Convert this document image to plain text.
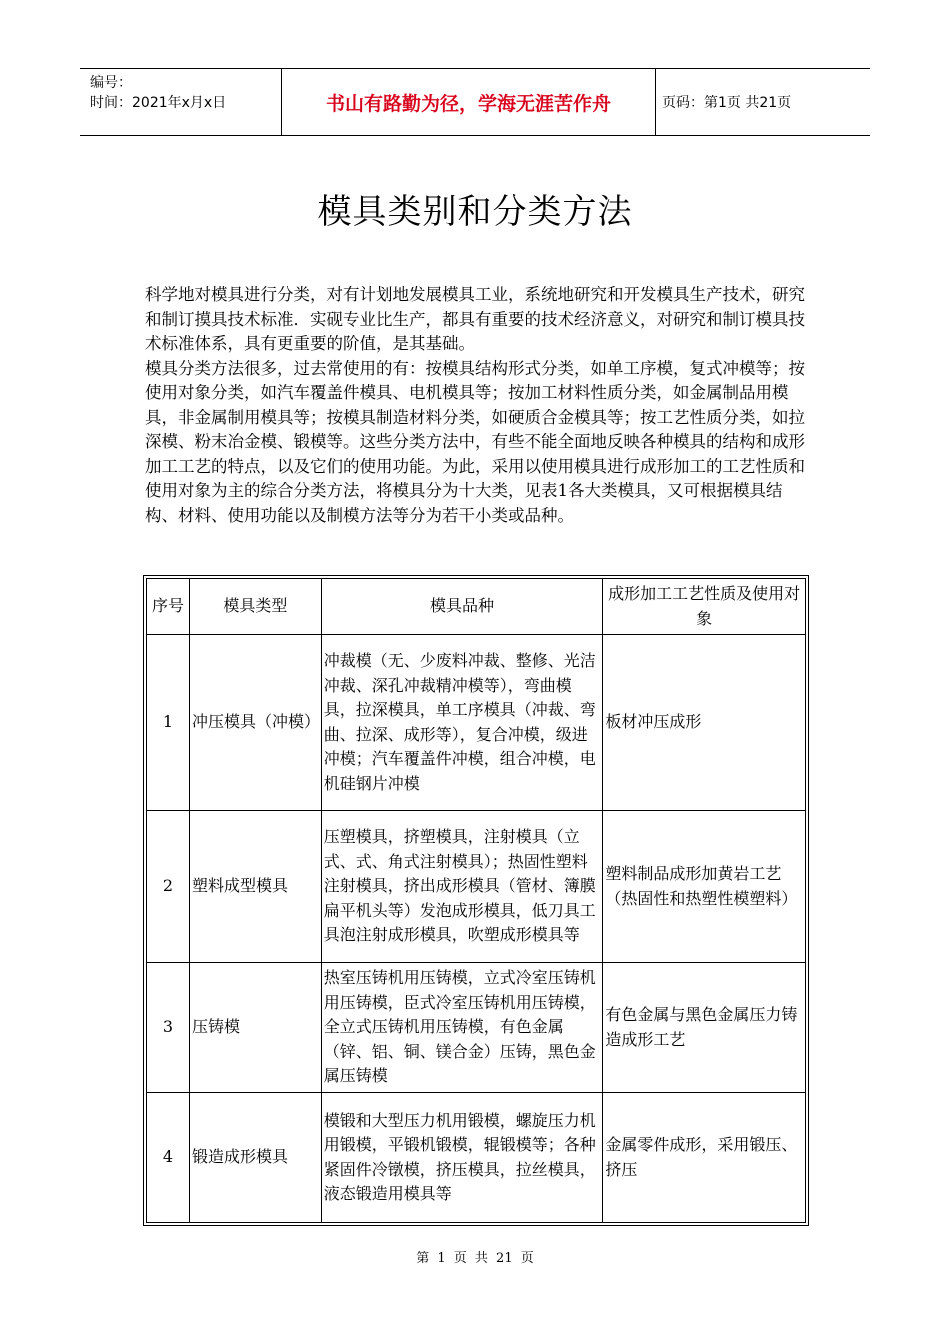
编号：
时间：2021年x月x日	书山有路勤为径，学海无涯苦作舟	页码：第1页 共21页
模具类别和分类方法

科学地对模具进行分类，对有计划地发展模具工业，系统地研究和开发模具生产技术，研究和制订摸具技术标准．实砚专业比生产，都具有重要的技术经济意义，对研究和制订模具技术标准体系，具有更重要的阶值，是其基础。

模具分类方法很多，过去常使用的有：按模具结构形式分类，如单工序模，复式冲模等；按使用对象分类，如汽车覆盖件模具、电机模具等；按加工材料性质分类，如金属制品用模具，非金属制用模具等；按模具制造材料分类，如硬质合金模具等；按工艺性质分类，如拉深模、粉末冶金模、锻模等。这些分类方法中，有些不能全面地反映各种模具的结构和成形加工工艺的特点，以及它们的使用功能。为此，采用以使用模具进行成形加工的工艺性质和使用对象为主的综合分类方法，将模具分为十大类，见表1各大类模具，又可根据模具结构、材料、使用功能以及制模方法等分为若干小类或品种。

序号	模具类型	模具品种	成形加工工艺性质及使用对象
1	冲压模具（冲模）	冲裁模（无、少废料冲裁、整修、光洁冲裁、深孔冲裁精冲模等），弯曲模具，拉深模具，单工序模具（冲裁、弯曲、拉深、成形等），复合冲模，级进冲模；汽车覆盖件冲模，组合冲模，电机硅钢片冲模	板材冲压成形
2	塑料成型模具	压塑模具，挤塑模具，注射模具（立式、式、角式注射模具）；热固性塑料注射模具，挤出成形模具（管材、簿膜扁平机头等）发泡成形模具，低刀具工具泡注射成形模具，吹塑成形模具等	塑料制品成形加黄岩工艺（热固性和热塑性模塑料）
3	压铸模	热室压铸机用压铸模，立式冷室压铸机用压铸模，臣式冷室压铸机用压铸模，全立式压铸机用压铸模，有色金属（锌、铝、铜、镁合金）压铸，黑色金属压铸模	有色金属与黑色金属压力铸造成形工艺
4	锻造成形模具	模锻和大型压力机用锻模，螺旋压力机用锻模，平锻机锻模，辊锻模等；各种紧固件冷镦模，挤压模具，拉丝模具，液态锻造用模具等	金属零件成形，采用锻压、挤压
第 1 页 共 21 页
